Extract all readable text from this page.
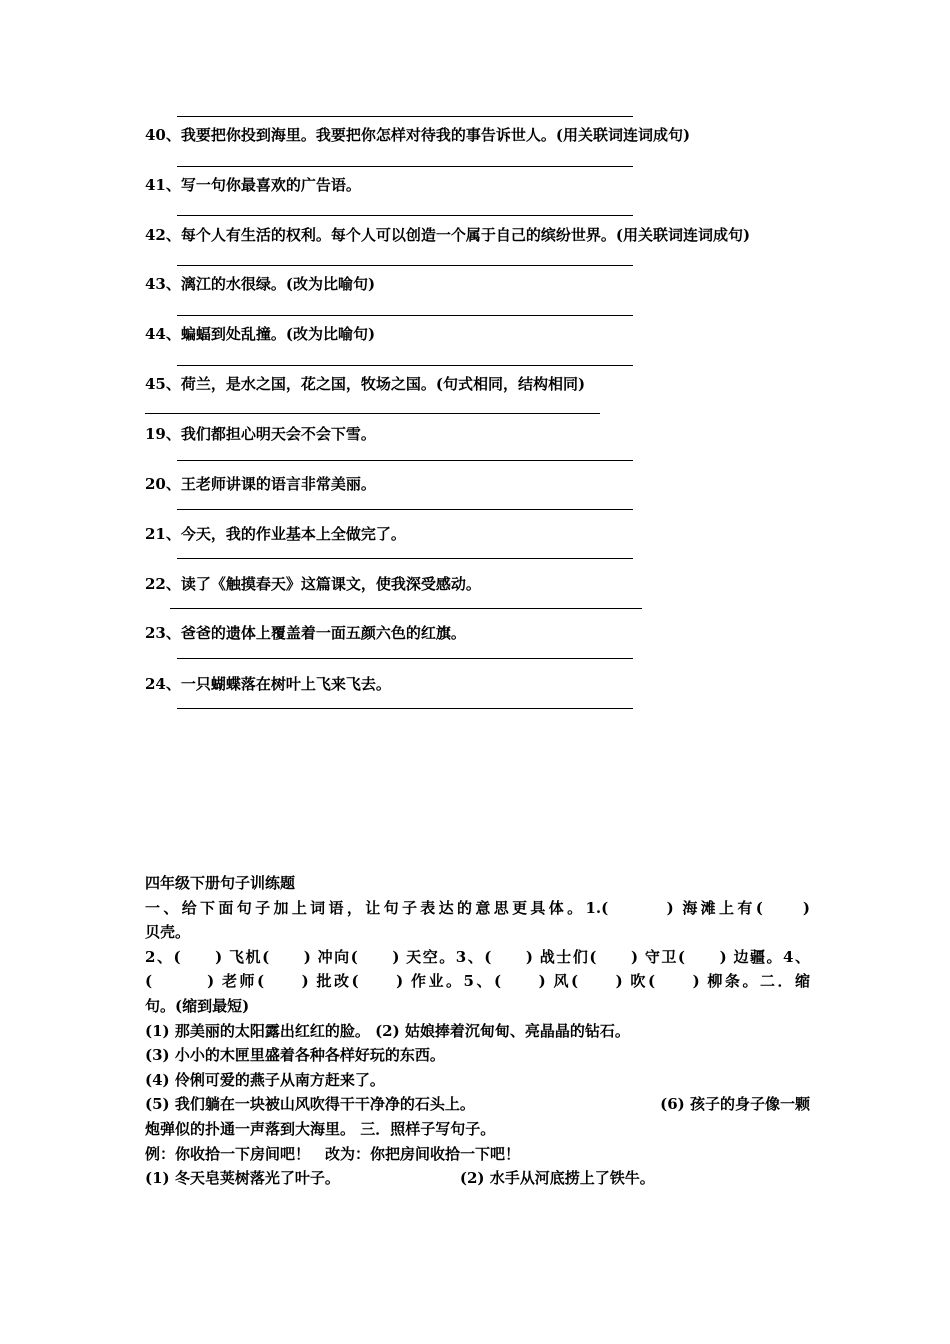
40、我要把你投到海里。我要把你怎样对待我的事告诉世人。(用关联词连词成句)
41、写一句你最喜欢的广告语。
42、每个人有生活的权利。每个人可以创造一个属于自己的缤纷世界。(用关联词连词成句)
43、漓江的水很绿。(改为比喻句)
44、蝙蝠到处乱撞。(改为比喻句)
45、荷兰，是水之国，花之国，牧场之国。(句式相同，结构相同)
19、我们都担心明天会不会下雪。
20、王老师讲课的语言非常美丽。
21、今天，我的作业基本上全做完了。
22、读了《触摸春天》这篇课文，使我深受感动。
23、爸爸的遗体上覆盖着一面五颜六色的红旗。
24、一只蝴蝶落在树叶上飞来飞去。

四年级下册句子训练题

一、给下面句子加上词语，让句子表达的意思更具体。1.(　　　) 海滩上有(　　)

贝壳。

2、(　　) 飞机(　　) 冲向(　　) 天空。3、(　　) 战士们(　　) 守卫(　　) 边疆。4、

(　　　) 老师(　　) 批改(　　) 作业。5、(　　) 风(　　) 吹(　　) 柳条。二．缩

句。(缩到最短)

(1) 那美丽的太阳露出红红的脸。 (2) 姑娘捧着沉甸甸、亮晶晶的钻石。

(3) 小小的木匣里盛着各种各样好玩的东西。

(4) 伶俐可爱的燕子从南方赶来了。

(5) 我们躺在一块被山风吹得干干净净的石头上。	(6) 孩子的身子像一颗

炮弹似的扑通一声落到大海里。 三．照样子写句子。

例：你收拾一下房间吧！　改为：你把房间收拾一下吧！

(1) 冬天皂荚树落光了叶子。	(2) 水手从河底捞上了铁牛。
